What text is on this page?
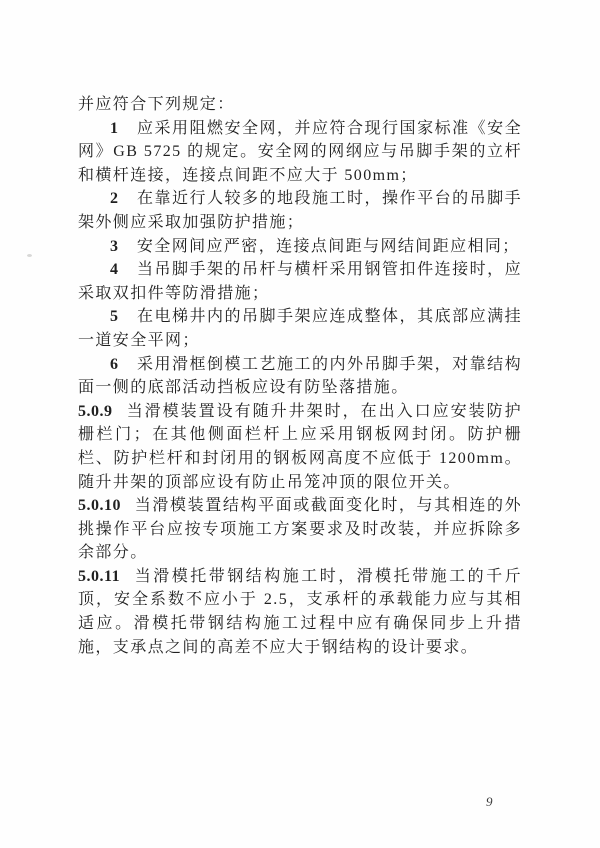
并应符合下列规定：

1 应采用阻燃安全网，并应符合现行国家标准《安全网》GB 5725 的规定。安全网的网纲应与吊脚手架的立杆和横杆连接，连接点间距不应大于 500mm；

2 在靠近行人较多的地段施工时，操作平台的吊脚手架外侧应采取加强防护措施；

3 安全网间应严密，连接点间距与网结间距应相同；

4 当吊脚手架的吊杆与横杆采用钢管扣件连接时，应采取双扣件等防滑措施；

5 在电梯井内的吊脚手架应连成整体，其底部应满挂一道安全平网；

6 采用滑框倒模工艺施工的内外吊脚手架，对靠结构面一侧的底部活动挡板应设有防坠落措施。

5.0.9 当滑模装置设有随升井架时，在出入口应安装防护栅栏门；在其他侧面栏杆上应采用钢板网封闭。防护栅栏、防护栏杆和封闭用的钢板网高度不应低于 1200mm。随升井架的顶部应设有防止吊笼冲顶的限位开关。

5.0.10 当滑模装置结构平面或截面变化时，与其相连的外挑操作平台应按专项施工方案要求及时改装，并应拆除多余部分。

5.0.11 当滑模托带钢结构施工时，滑模托带施工的千斤顶，安全系数不应小于 2.5，支承杆的承载能力应与其相适应。滑模托带钢结构施工过程中应有确保同步上升措施，支承点之间的高差不应大于钢结构的设计要求。

9
